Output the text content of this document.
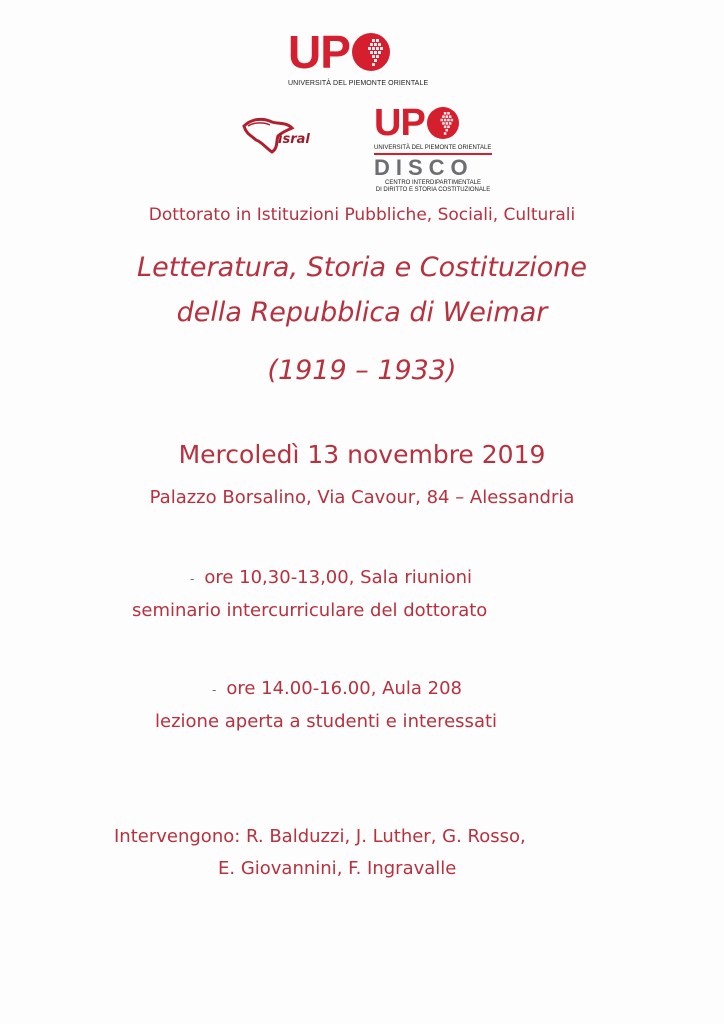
UP
UNIVERSITÀ DEL PIEMONTE ORIENTALE
isral UP
UNIVERSITÀ DEL PIEMONTE ORIENTALE
DISCO
CENTRO INTERDIPARTIMENTALE
DI DIRITTO E STORIA COSTITUZIONALE
Dottorato in Istituzioni Pubbliche, Sociali, Culturali
Letteratura, Storia e Costituzione
della Repubblica di Weimar
(1919 – 1933)
Mercoledì 13 novembre 2019
Palazzo Borsalino, Via Cavour, 84 – Alessandria
- ore 10,30-13,00, Sala riunioni
seminario intercurriculare del dottorato
- ore 14.00-16.00, Aula 208
lezione aperta a studenti e interessati
Intervengono: R. Balduzzi, J. Luther, G. Rosso,
E. Giovannini, F. Ingravalle
